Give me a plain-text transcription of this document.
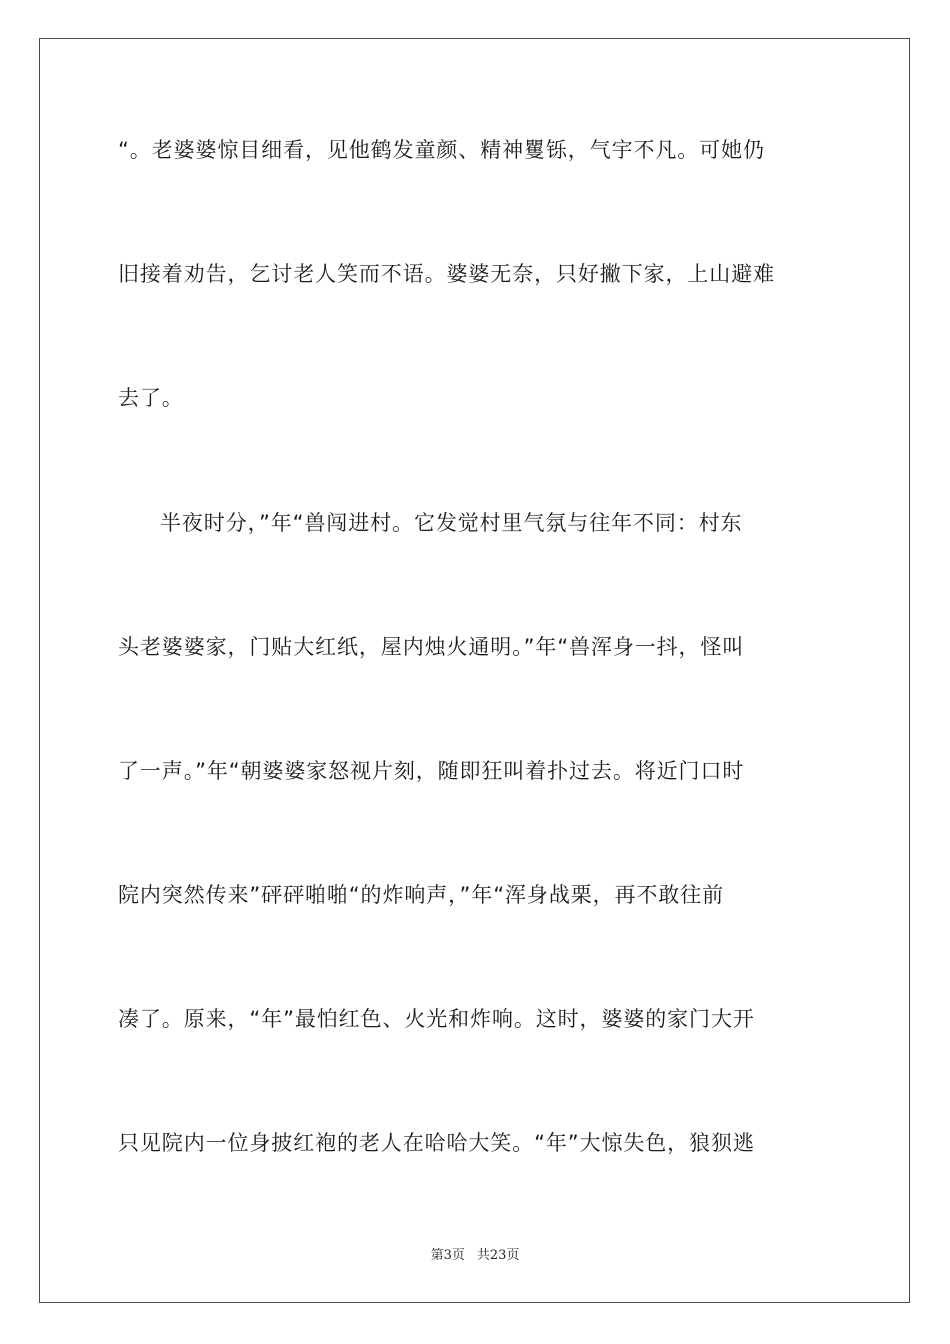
“。老婆婆惊目细看，见他鹤发童颜、精神矍铄，气宇不凡。可她仍
旧接着劝告，乞讨老人笑而不语。婆婆无奈，只好撇下家，上山避难
去了。
半夜时分，”年“兽闯进村。它发觉村里气氛与往年不同：村东
头老婆婆家，门贴大红纸，屋内烛火通明。”年“兽浑身一抖，怪叫
了一声。”年“朝婆婆家怒视片刻，随即狂叫着扑过去。将近门口时
院内突然传来”砰砰啪啪“的炸响声，”年“浑身战栗，再不敢往前
凑了。原来，“年”最怕红色、火光和炸响。这时，婆婆的家门大开
只见院内一位身披红袍的老人在哈哈大笑。“年”大惊失色，狼狈逃
第3页 共23页
